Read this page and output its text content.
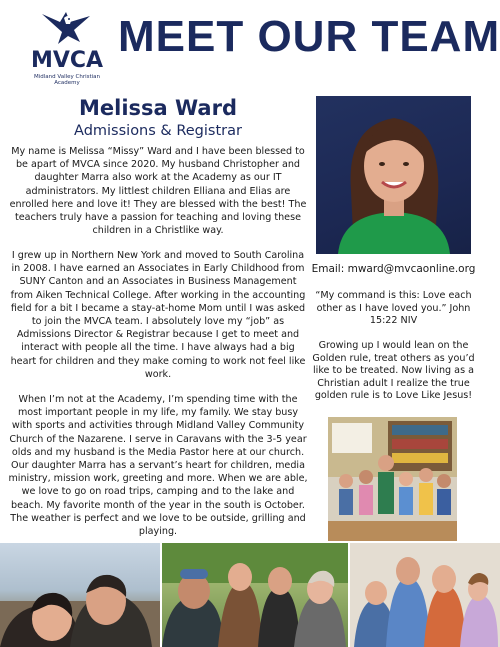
MVCA
Midland Valley Christian Academy
MEET OUR TEAM
Melissa Ward
Admissions & Registrar

My name is Melissa “Missy” Ward and I have been blessed to be apart of MVCA since 2020. My husband Christopher and daughter Marra also work at the Academy as our IT administrators. My littlest children Elliana and Elias are enrolled here and love it! They are blessed with the best! The teachers truly have a passion for teaching and loving these children in a Christlike way.

I grew up in Northern New York and moved to South Carolina in 2008. I have earned an Associates in Early Childhood from SUNY Canton and an Associates in Business Management from Aiken Technical College. After working in the accounting field for a bit I became a stay-at-home Mom until I was asked to join the MVCA team. I absolutely love my “job” as Admissions Director & Registrar because I get to meet and interact with people all the time. I have always had a big heart for children and they make coming to work not feel like work.

When I’m not at the Academy, I’m spending time with the most important people in my life, my family. We stay busy with sports and activities through Midland Valley Community Church of the Nazarene. I serve in Caravans with the 3-5 year olds and my husband is the Media Pastor here at our church. Our daughter Marra has a servant’s heart for children, media ministry, mission work, greeting and more. When we are able, we love to go on road trips, camping and to the lake and beach. My favorite month of the year in the south is October. The weather is perfect and we love to be outside, grilling and playing.

Email: mward@mvcaonline.org

“My command is this: Love each other as I have loved you.” John 15:22 NIV

Growing up I would lean on the Golden rule, treat others as you’d like to be treated. Now living as a Christian adult I realize the true golden rule is to Love Like Jesus!
